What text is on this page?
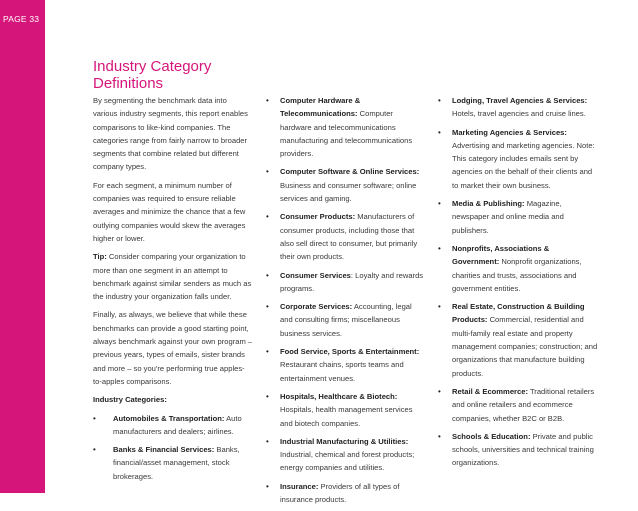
PAGE 33
Industry Category Definitions

By segmenting the benchmark data into various industry segments, this report enables comparisons to like-kind companies. The categories range from fairly narrow to broader segments that combine related but different company types.

For each segment, a minimum number of companies was required to ensure reliable averages and minimize the chance that a few outlying companies would skew the averages higher or lower.

Tip: Consider comparing your organization to more than one segment in an attempt to benchmark against similar senders as much as the industry your organization falls under.

Finally, as always, we believe that while these benchmarks can provide a good starting point, always benchmark against your own program – previous years, types of emails, sister brands and more – so you're performing true apples-to-apples comparisons.

Industry Categories:

• Automobiles & Transportation: Auto manufacturers and dealers; airlines.
• Banks & Financial Services: Banks, financial/asset management, stock brokerages.
• Computer Hardware & Telecommunications: Computer hardware and telecommunications manufacturing and telecommunications providers.
• Computer Software & Online Services: Business and consumer software; online services and gaming.
• Consumer Products: Manufacturers of consumer products, including those that also sell direct to consumer, but primarily their own products.
• Consumer Services: Loyalty and rewards programs.
• Corporate Services: Accounting, legal and consulting firms; miscellaneous business services.
• Food Service, Sports & Entertainment: Restaurant chains, sports teams and entertainment venues.
• Hospitals, Healthcare & Biotech: Hospitals, health management services and biotech companies.
• Industrial Manufacturing & Utilities: Industrial, chemical and forest products; energy companies and utilities.
• Insurance: Providers of all types of insurance products.
• Lodging, Travel Agencies & Services: Hotels, travel agencies and cruise lines.
• Marketing Agencies & Services: Advertising and marketing agencies. Note: This category includes emails sent by agencies on the behalf of their clients and to market their own business.
• Media & Publishing: Magazine, newspaper and online media and publishers.
• Nonprofits, Associations & Government: Nonprofit organizations, charities and trusts, associations and government entities.
• Real Estate, Construction & Building Products: Commercial, residential and multi-family real estate and property management companies; construction; and organizations that manufacture building products.
• Retail & Ecommerce: Traditional retailers and online retailers and ecommerce companies, whether B2C or B2B.
• Schools & Education: Private and public schools, universities and technical training organizations.
